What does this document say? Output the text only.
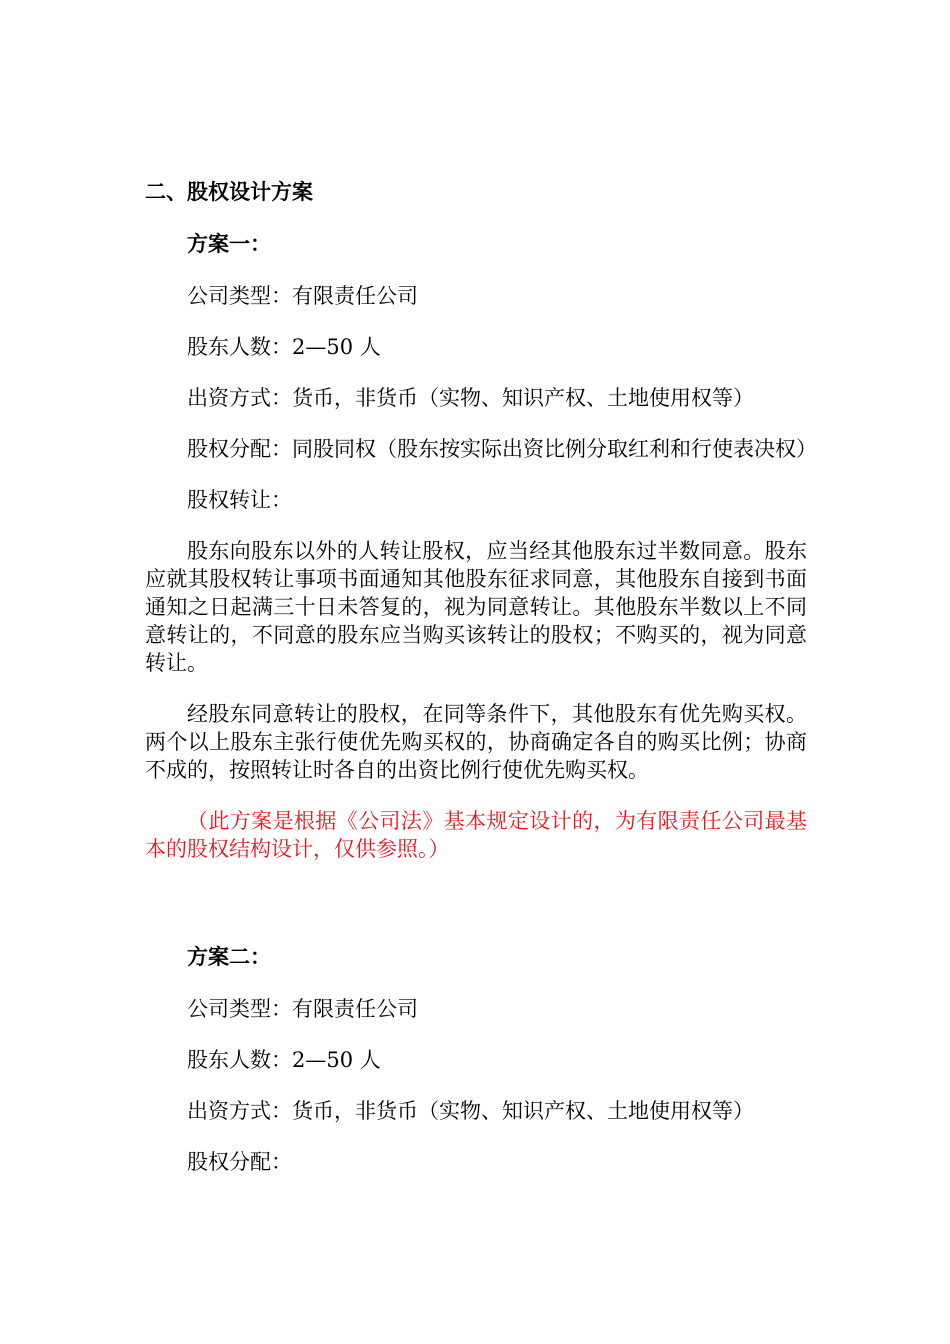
二、股权设计方案
方案一：
公司类型：有限责任公司
股东人数：2—50 人
出资方式：货币，非货币（实物、知识产权、土地使用权等）
股权分配：同股同权（股东按实际出资比例分取红利和行使表决权）
股权转让：
股东向股东以外的人转让股权，应当经其他股东过半数同意。股东应就其股权转让事项书面通知其他股东征求同意，其他股东自接到书面通知之日起满三十日未答复的，视为同意转让。其他股东半数以上不同意转让的，不同意的股东应当购买该转让的股权；不购买的，视为同意转让。
经股东同意转让的股权，在同等条件下，其他股东有优先购买权。两个以上股东主张行使优先购买权的，协商确定各自的购买比例；协商不成的，按照转让时各自的出资比例行使优先购买权。
（此方案是根据《公司法》基本规定设计的，为有限责任公司最基本的股权结构设计，仅供参照。）
方案二：
公司类型：有限责任公司
股东人数：2—50 人
出资方式：货币，非货币（实物、知识产权、土地使用权等）
股权分配：
